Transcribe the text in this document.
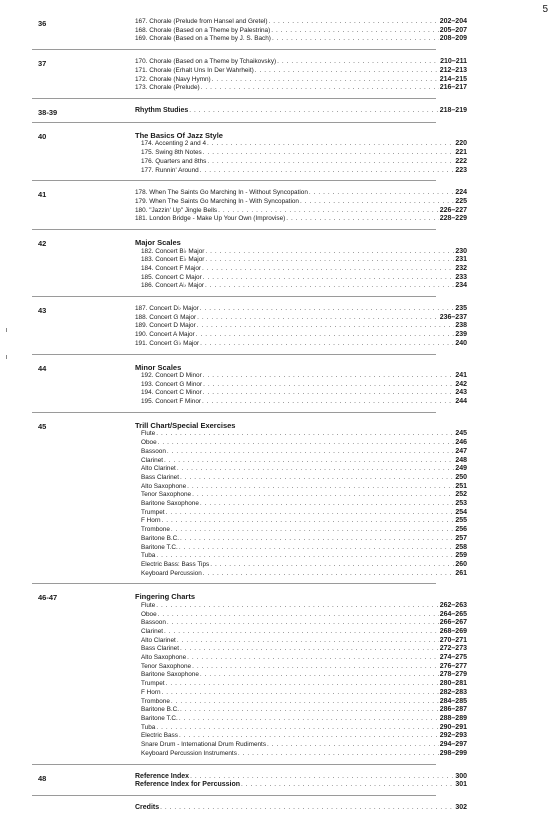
5
36	167. Chorale (Prelude from Hansel and Gretel) . . .	202–204
168. Chorale (Based on a Theme by Palestrina) . . .	205–207
169. Chorale (Based on a Theme by J. S. Bach) . . .	208–209
37	170. Chorale (Based on a Theme by Tchaikovsky) . . .	210–211
171. Chorale (Erhalt Uns In Der Wahrheit) . . .	212–213
172. Chorale (Navy Hymn) . . .	214–215
173. Chorale (Prelude) . . .	216–217
38-39	Rhythm Studies . . .	218–219
40	The Basics Of Jazz Style
174. Accenting 2 and 4 . . .	220
175. Swing 8th Notes . . .	221
176. Quarters and 8ths . . .	222
177. Runnin' Around . . .	223
41	178. When The Saints Go Marching In - Without Syncopation . . .	224
179. When The Saints Go Marching In - With Syncopation . . .	225
180. "Jazzin' Up" Jingle Bells . . .	226–227
181. London Bridge - Make Up Your Own (Improvise) . . .	228–229
42	Major Scales
182. Concert B♭ Major . . .	230
183. Concert E♭ Major . . .	231
184. Concert F Major . . .	232
185. Concert C Major . . .	233
186. Concert A♭ Major . . .	234
43	187. Concert D♭ Major . . .	235
188. Concert G Major . . .	236–237
189. Concert D Major . . .	238
190. Concert A Major . . .	239
191. Concert G♭ Major . . .	240
44	Minor Scales
192. Concert D Minor . . .	241
193. Concert G Minor . . .	242
194. Concert C Minor . . .	243
195. Concert F Minor . . .	244
45	Trill Chart/Special Exercises
Flute . . .	245
Oboe . . .	246
Bassoon . . .	247
Clarinet . . .	248
Alto Clarinet . . .	249
Bass Clarinet . . .	250
Alto Saxophone . . .	251
Tenor Saxophone . . .	252
Baritone Saxophone . . .	253
Trumpet . . .	254
F Horn . . .	255
Trombone . . .	256
Baritone B.C. . . .	257
Baritone T.C. . . .	258
Tuba . . .	259
Electric Bass: Bass Tips . . .	260
Keyboard Percussion . . .	261
46-47	Fingering Charts
Flute . . .	262–263
Oboe . . .	264–265
Bassoon . . .	266–267
Clarinet . . .	268–269
Alto Clarinet . . .	270–271
Bass Clarinet . . .	272–273
Alto Saxophone . . .	274–275
Tenor Saxophone . . .	276–277
Baritone Saxophone . . .	278–279
Trumpet . . .	280–281
F Horn . . .	282–283
Trombone . . .	284–285
Baritone B.C. . . .	286–287
Baritone T.C. . . .	288–289
Tuba . . .	290–291
Electric Bass . . .	292–293
Snare Drum - International Drum Rudiments . . .	294–297
Keyboard Percussion Instruments . . .	298–299
48	Reference Index . . .	300
Reference Index for Percussion . . .	301
Credits . . .	302
